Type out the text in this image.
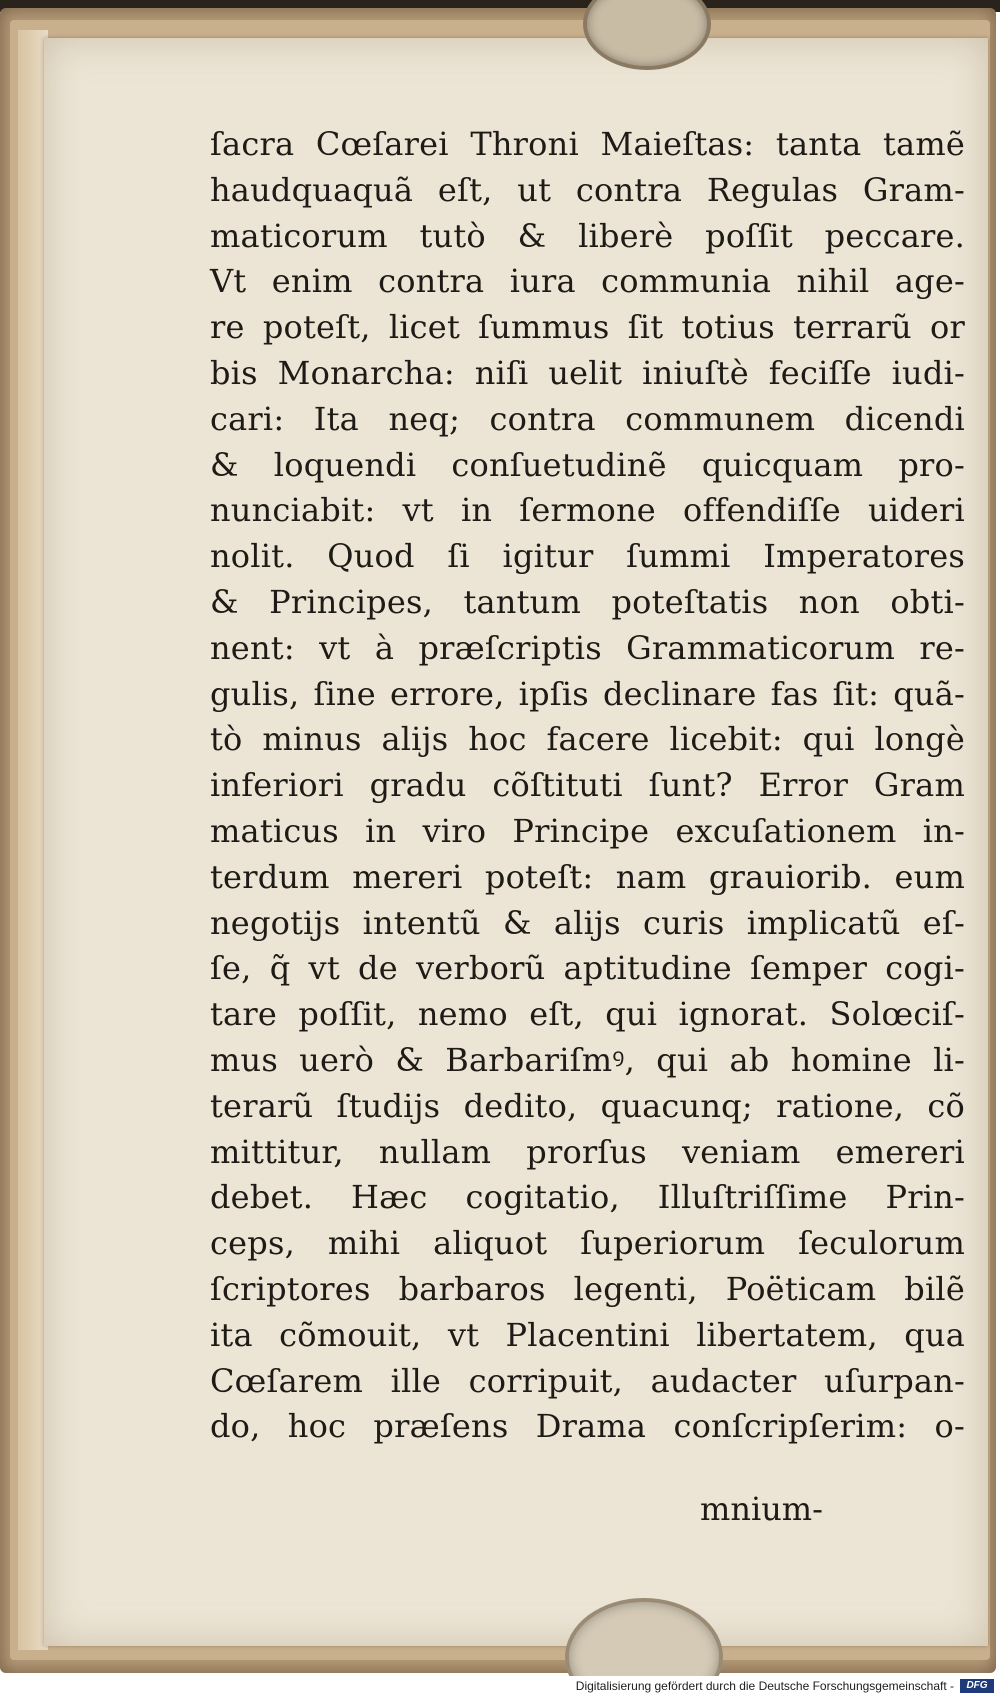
ſacra Cœſarei Throni Maieſtas: tanta tamẽ
haudquaquã eſt, ut contra Regulas Gram-
maticorum tutò & liberè poſſit peccare.
Vt enim contra iura communia nihil age-
re poteſt, licet ſummus ſit totius terrarũ or
bis Monarcha: niſi uelit iniuſtè feciſſe iudi-
cari: Ita neq; contra communem dicendi
& loquendi conſuetudinẽ quicquam pro-
nunciabit: vt in ſermone offendiſſe uideri
nolit. Quod ſi igitur ſummi Imperatores
& Principes, tantum poteſtatis non obti-
nent: vt à præſcriptis Grammaticorum re-
gulis, ſine errore, ipſis declinare fas ſit: quã-
tò minus alijs hoc facere licebit: qui longè
inferiori gradu cõſtituti ſunt? Error Gram
maticus in viro Principe excuſationem in-
terdum mereri poteſt: nam grauiorib. eum
negotijs intentũ & alijs curis implicatũ eſ-
ſe, q̃ vt de verborũ aptitudine ſemper cogi-
tare poſſit, nemo eſt, qui ignorat. Solœciſ-
mus uerò & Barbariſmꝰ, qui ab homine li-
terarũ ſtudijs dedito, quacunq; ratione, cõ
mittitur, nullam prorſus veniam emereri
debet. Hæc cogitatio, Illuſtriſſime Prin-
ceps, mihi aliquot ſuperiorum ſeculorum
ſcriptores barbaros legenti, Poëticam bilẽ
ita cõmouit, vt Placentini libertatem, qua
Cœſarem ille corripuit, audacter uſurpan-
do, hoc præſens Drama conſcripſerim: o-
mnium-
Digitalisierung gefördert durch die Deutsche Forschungsgemeinschaft -	DFG
